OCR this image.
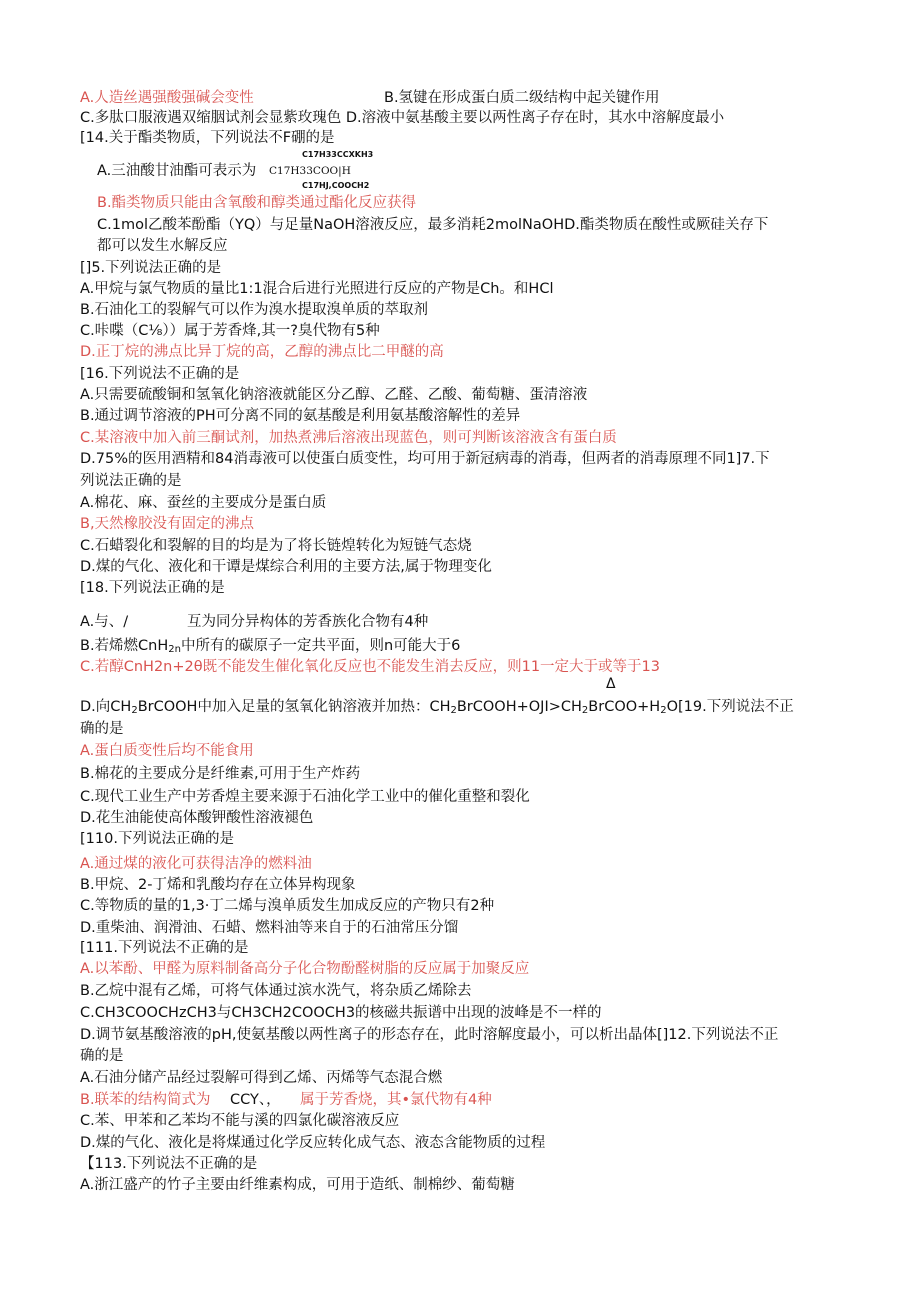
A.人造丝遇强酸强碱会变性	B.氢键在形成蛋白质二级结构中起关键作用
C.多肽口服液遇双缩胭试剂会显紫玫瑰色 D.溶液中氨基酸主要以两性离子存在时，其水中溶解度最小
[14.关于酯类物质，下列说法不F硼的是
C17H33CCXKH3
A.三油酸甘油酯可表示为 C17H33COO|H
C17HJ,COOCH2
B.酯类物质只能由含氧酸和醇类通过酯化反应获得
C.1mol乙酸苯酚酯（YQ）与足量NaOH溶液反应，最多消耗2molNaOHD.酯类物质在酸性或厥硅关存下
都可以发生水解反应
[]5.下列说法正确的是
A.甲烷与氯气物质的量比1:1混合后进行光照进行反应的产物是Ch。和HCl
B.石油化工的裂解气可以作为溴水提取溴单质的萃取剂
C.咔喋（C⅛））属于芳香烽,其一?臭代物有5种
D.正丁烷的沸点比异丁烷的高，乙醇的沸点比二甲醚的高
[16.下列说法不正确的是
A.只需要硫酸铜和氢氧化钠溶液就能区分乙醇、乙醛、乙酸、葡萄糖、蛋清溶液
B.通过调节溶液的PH可分离不同的氨基酸是利用氨基酸溶解性的差异
C.某溶液中加入前三酮试剂，加热煮沸后溶液出现蓝色，则可判断该溶液含有蛋白质
D.75%的医用酒精和84消毒液可以使蛋白质变性，均可用于新冠病毒的消毒，但两者的消毒原理不同1]7.下
列说法正确的是
A.棉花、麻、蚕丝的主要成分是蛋白质
B,天然橡胶没有固定的沸点
C.石蜡裂化和裂解的目的均是为了将长链煌转化为短链气态烧
D.煤的气化、液化和干谭是煤综合利用的主要方法,属于物理变化
[18.下列说法正确的是
A.与、/	互为同分异构体的芳香族化合物有4种
B.若烯燃CnH$_{2n}$中所有的碳原子一定共平面，则n可能大于6
C.若醇CnH2n+2θ既不能发生催化氧化反应也不能发生消去反应，则11一定大于或等于13
Δ
D.向$CH_2BrCOOH$中加入足量的氢氧化钠溶液并加热：$CH_2BrCOOH+OJI>CH_2BrCOO+H_2O[19$.下列说法不正
确的是
A.蛋白质变性后均不能食用
B.棉花的主要成分是纤维素,可用于生产炸药
C.现代工业生产中芳香煌主要来源于石油化学工业中的催化重整和裂化
D.花生油能使高体酸钾酸性溶液褪色
[110.下列说法正确的是
A.通过煤的液化可获得洁净的燃料油
B.甲烷、2-丁烯和乳酸均存在立体异构现象
C.等物质的量的1,3·丁二烯与溴单质发生加成反应的产物只有2种
D.重柴油、润滑油、石蜡、燃料油等来自于的石油常压分馏
[111.下列说法不正确的是
A.以苯酚、甲醛为原料制备高分子化合物酚醛树脂的反应属于加聚反应
B.乙烷中混有乙烯，可将气体通过滨水洗气，将杂质乙烯除去
C.CH3COOCHzCH3与CH3CH2COOCH3的核磁共振谱中出现的波峰是不一样的
D.调节氨基酸溶液的pH,使氨基酸以两性离子的形态存在，此时溶解度最小，可以析出晶体[]12.下列说法不正
确的是
A.石油分储产品经过裂解可得到乙烯、丙烯等气态混合燃
B.联苯的结构简式为 CCY、， 属于芳香烧，其•氯代物有4种
C.苯、甲苯和乙苯均不能与溪的四氯化碳溶液反应
D.煤的气化、液化是将煤通过化学反应转化成气态、液态含能物质的过程
【113.下列说法不正确的是
A.浙江盛产的竹子主要由纤维素构成，可用于造纸、制棉纱、葡萄糖
